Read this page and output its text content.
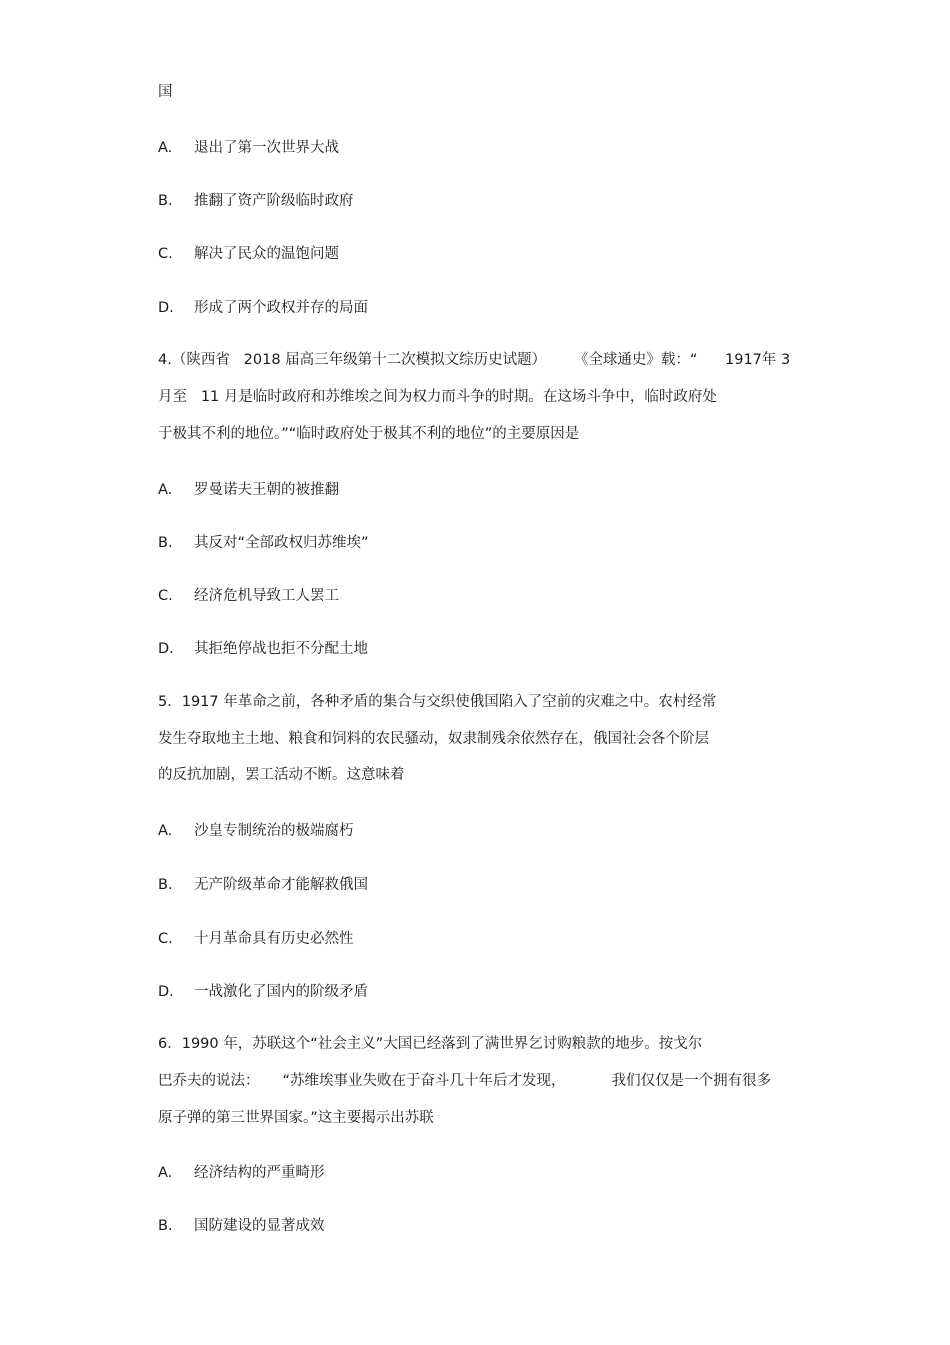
国
A. 退出了第一次世界大战
B. 推翻了资产阶级临时政府
C. 解决了民众的温饱问题
D. 形成了两个政权并存的局面
4.（陕西省   2018 届高三年级第十二次模拟文综历史试题）      《全球通史》载：“      1917年 3
月至   11 月是临时政府和苏维埃之间为权力而斗争的时期。在这场斗争中，临时政府处
于极其不利的地位。”“临时政府处于极其不利的地位”的主要原因是
A. 罗曼诺夫王朝的被推翻
B. 其反对“全部政权归苏维埃”
C. 经济危机导致工人罢工
D. 其拒绝停战也拒不分配土地
5．1917 年革命之前，各种矛盾的集合与交织使俄国陷入了空前的灾难之中。农村经常
发生夺取地主土地、粮食和饲料的农民骚动，奴隶制残余依然存在，俄国社会各个阶层
的反抗加剧，罢工活动不断。这意味着
A. 沙皇专制统治的极端腐朽
B. 无产阶级革命才能解救俄国
C. 十月革命具有历史必然性
D. 一战激化了国内的阶级矛盾
6．1990 年，苏联这个“社会主义”大国已经落到了满世界乞讨购粮款的地步。按戈尔
巴乔夫的说法：     “苏维埃事业失败在于奋斗几十年后才发现，          我们仅仅是一个拥有很多
原子弹的第三世界国家。”这主要揭示出苏联
A. 经济结构的严重畸形
B. 国防建设的显著成效
